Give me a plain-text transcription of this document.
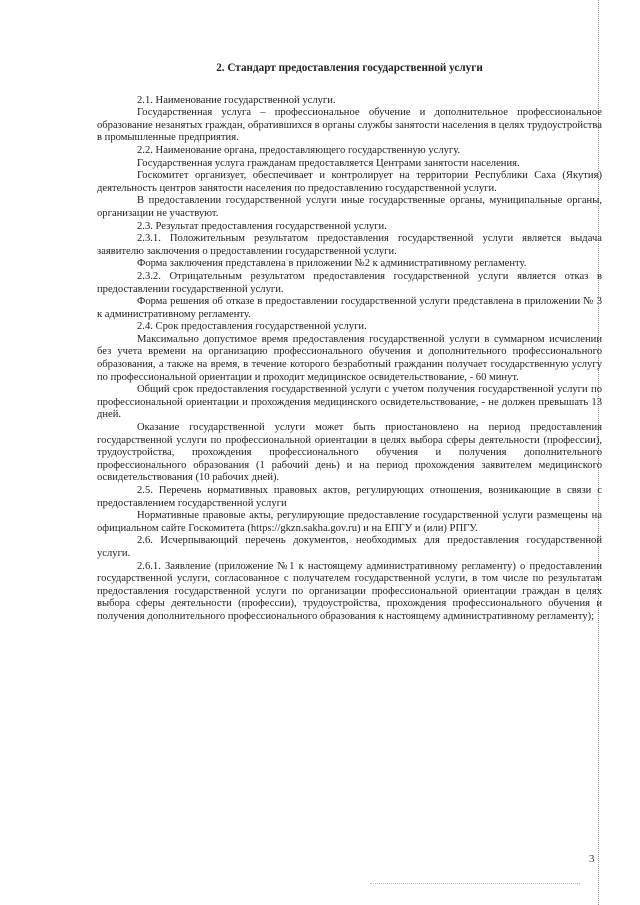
2. Стандарт предоставления государственной услуги

2.1. Наименование государственной услуги.

Государственная услуга – профессиональное обучение и дополнительное профессиональное образование незанятых граждан, обратившихся в органы службы занятости населения в целях трудоустройства в промышленные предприятия.

2.2. Наименование органа, предоставляющего государственную услугу.

Государственная услуга гражданам предоставляется Центрами занятости населения.

Госкомитет организует, обеспечивает и контролирует на территории Республики Саха (Якутия) деятельность центров занятости населения по предоставлению государственной услуги.

В предоставлении государственной услуги иные государственные органы, муниципальные органы, организации не участвуют.

2.3. Результат предоставления государственной услуги.

2.3.1. Положительным результатом предоставления государственной услуги является выдача заявителю заключения о предоставлении государственной услуги.

Форма заключения представлена в приложении №2 к административному регламенту.

2.3.2. Отрицательным результатом предоставления государственной услуги является отказ в предоставлении государственной услуги.

Форма решения об отказе в предоставлении государственной услуги представлена в приложении № 3 к административному регламенту.

2.4. Срок предоставления государственной услуги.

Максимально допустимое время предоставления государственной услуги в суммарном исчислении без учета времени на организацию профессионального обучения и дополнительного профессионального образования, а также на время, в течение которого безработный гражданин получает государственную услугу по профессиональной ориентации и проходит медицинское освидетельствование, - 60 минут.

Общий срок предоставления государственной услуги с учетом получения государственной услуги по профессиональной ориентации и прохождения медицинского освидетельствование, - не должен превышать 13 дней.

Оказание государственной услуги может быть приостановлено на период предоставления государственной услуги по профессиональной ориентации в целях выбора сферы деятельности (профессии), трудоустройства, прохождения профессионального обучения и получения дополнительного профессионального образования (1 рабочий день) и на период прохождения заявителем медицинского освидетельствования (10 рабочих дней).

2.5. Перечень нормативных правовых актов, регулирующих отношения, возникающие в связи с предоставлением государственной услуги

Нормативные правовые акты, регулирующие предоставление государственной услуги размещены на официальном сайте Госкомитета (https://gkzn.sakha.gov.ru) и на ЕПГУ и (или) РПГУ.

2.6. Исчерпывающий перечень документов, необходимых для предоставления государственной услуги.

2.6.1. Заявление (приложение №1 к настоящему административному регламенту) о предоставлении государственной услуги, согласованное с получателем государственной услуги, в том числе по результатам предоставления государственной услуги по организации профессиональной ориентации граждан в целях выбора сферы деятельности (профессии), трудоустройства, прохождения профессионального обучения и получения дополнительного профессионального образования к настоящему административному регламенту);

3
